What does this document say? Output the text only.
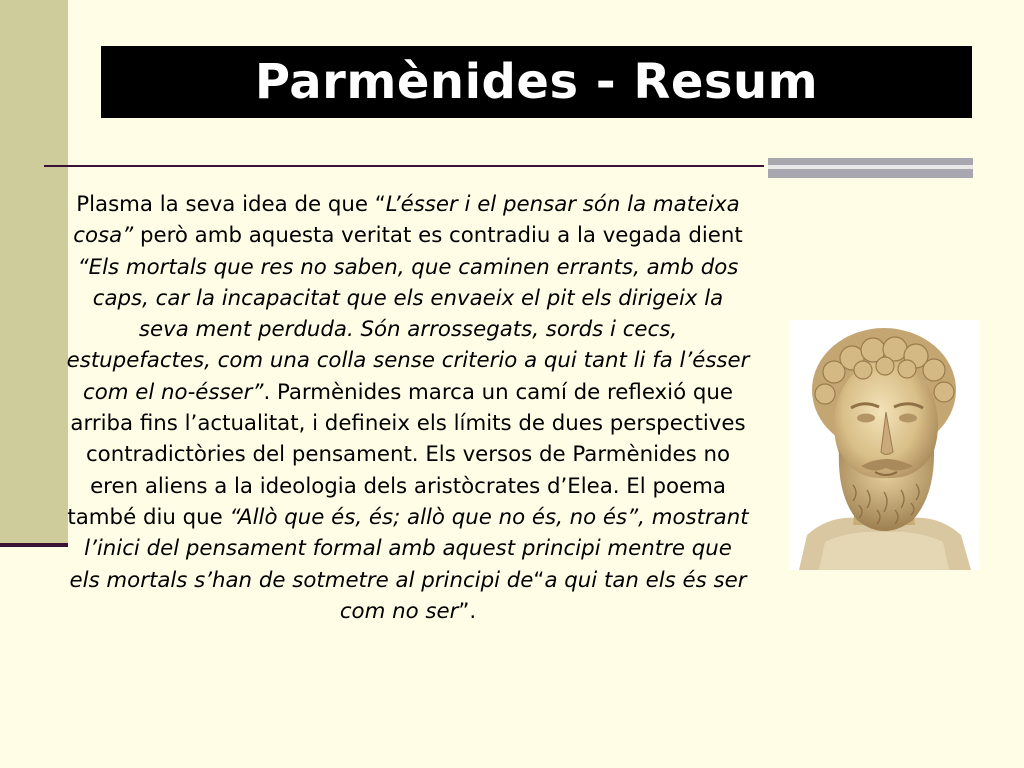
Parmènides - Resum

Plasma la seva idea de que “L’ésser i el pensar són la mateixa cosa” però amb aquesta veritat es contradiu a la vegada dient “Els mortals que res no saben, que caminen errants, amb dos caps, car la incapacitat que els envaeix el pit els dirigeix la seva ment perduda. Són arrossegats, sords i cecs, estupefactes, com una colla sense criterio a qui tant li fa l’ésser com el no-ésser”. Parmènides marca un camí de reflexió que arriba fins l’actualitat, i defineix els límits de dues perspectives contradictòries del pensament. Els versos de Parmènides no eren aliens a la ideologia dels aristòcrates d’Elea. El poema també diu que “Allò que és, és; allò que no és, no és”, mostrant l’inici del pensament formal amb aquest principi mentre que els mortals s’han de sotmetre al principi de“a qui tan els és ser com no ser”.
